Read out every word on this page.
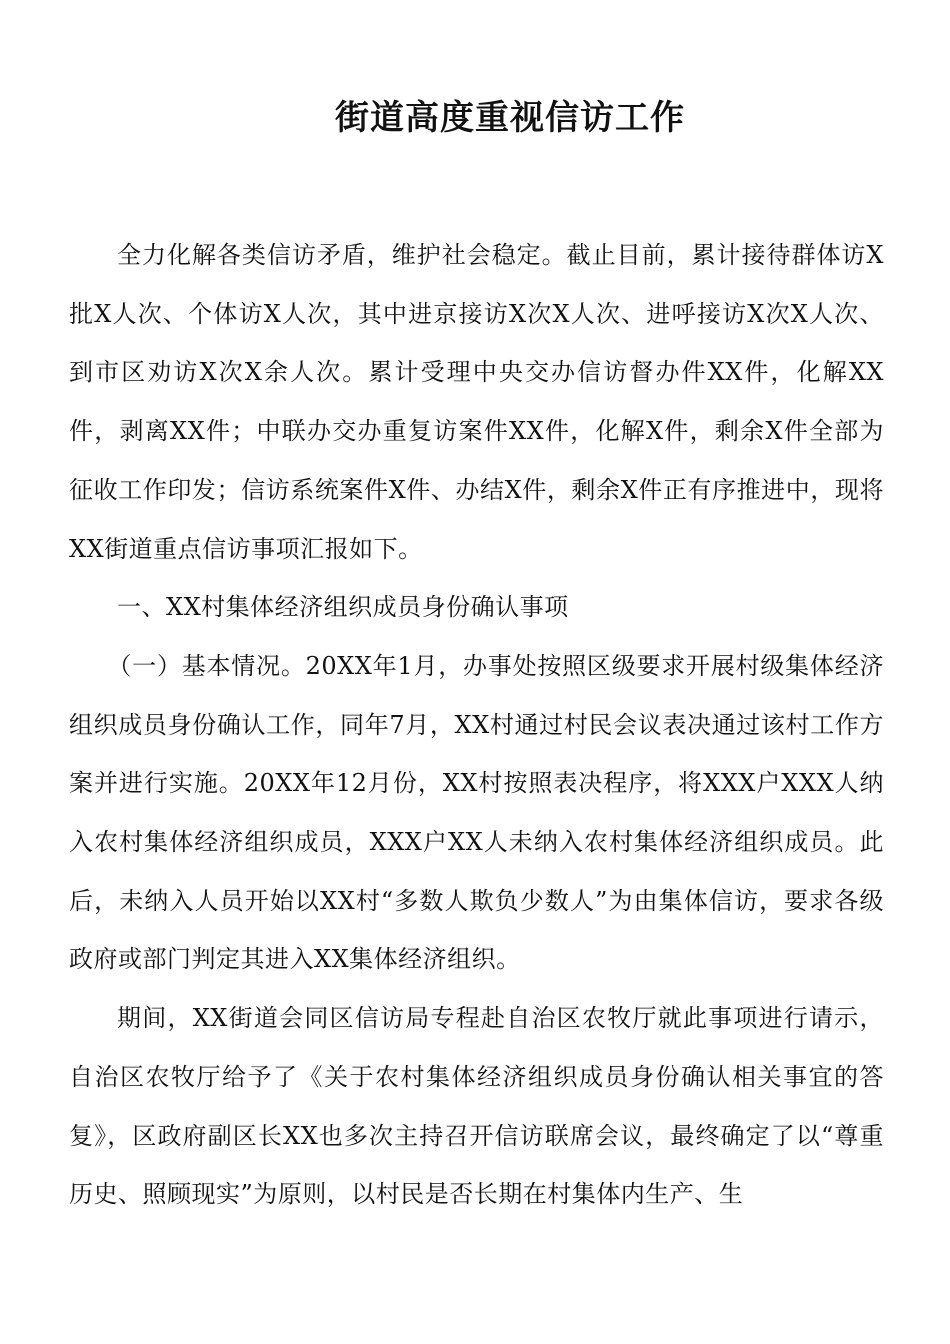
街道高度重视信访工作

全力化解各类信访矛盾，维护社会稳定。截止目前，累计接待群体访X批X人次、个体访X人次，其中进京接访X次X人次、进呼接访X次X人次、到市区劝访X次X余人次。累计受理中央交办信访督办件XX件，化解XX件，剥离XX件；中联办交办重复访案件XX件，化解X件，剩余X件全部为征收工作印发；信访系统案件X件、办结X件，剩余X件正有序推进中，现将XX街道重点信访事项汇报如下。

一、XX村集体经济组织成员身份确认事项

（一）基本情况。20XX年1月，办事处按照区级要求开展村级集体经济组织成员身份确认工作，同年7月，XX村通过村民会议表决通过该村工作方案并进行实施。20XX年12月份，XX村按照表决程序，将XXX户XXX人纳入农村集体经济组织成员，XXX户XX人未纳入农村集体经济组织成员。此后，未纳入人员开始以XX村“多数人欺负少数人”为由集体信访，要求各级政府或部门判定其进入XX集体经济组织。

期间，XX街道会同区信访局专程赴自治区农牧厅就此事项进行请示，自治区农牧厅给予了《关于农村集体经济组织成员身份确认相关事宜的答复》，区政府副区长XX也多次主持召开信访联席会议，最终确定了以“尊重历史、照顾现实”为原则，以村民是否长期在村集体内生产、生
